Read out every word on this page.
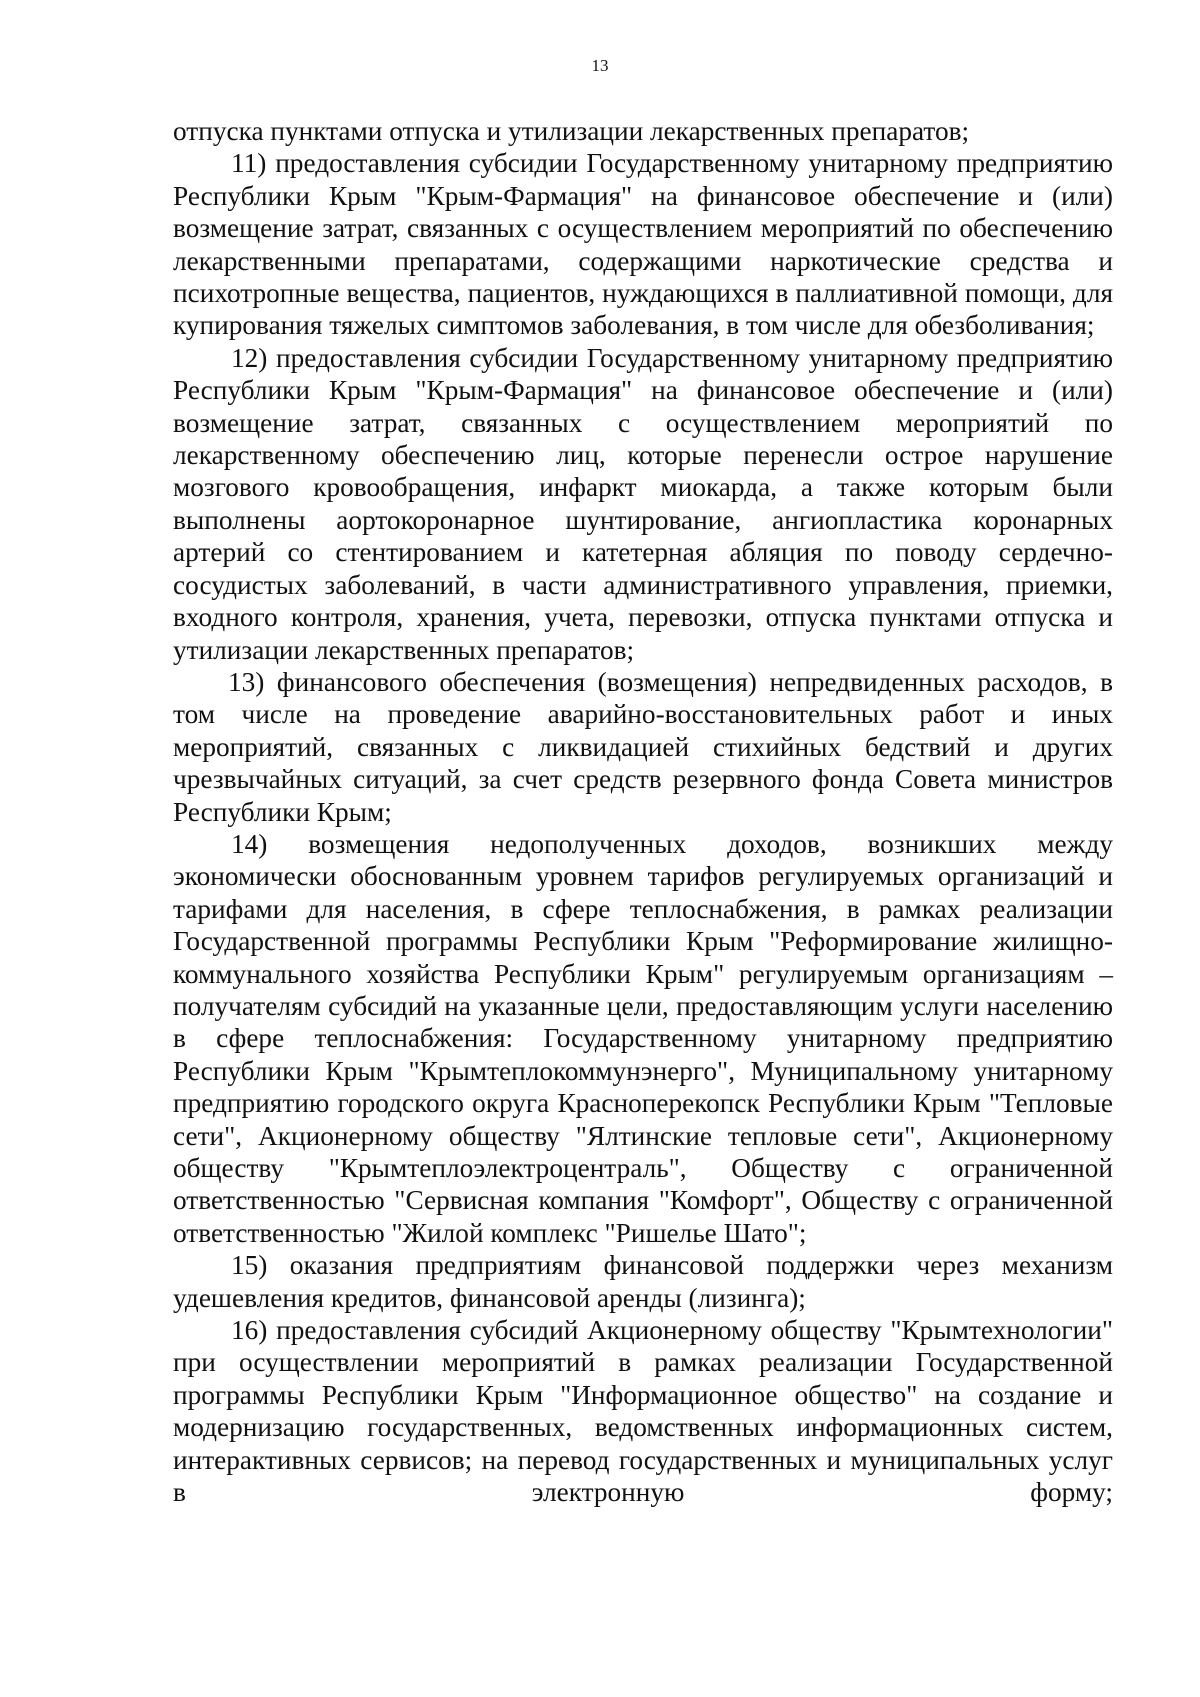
13

отпуска пунктами отпуска и утилизации лекарственных препаратов;

11) предоставления субсидии Государственному унитарному предприятию Республики Крым "Крым-Фармация" на финансовое обеспечение и (или) возмещение затрат, связанных с осуществлением мероприятий по обеспечению лекарственными препаратами, содержащими наркотические средства и психотропные вещества, пациентов, нуждающихся в паллиативной помощи, для купирования тяжелых симптомов заболевания, в том числе для обезболивания;

12) предоставления субсидии Государственному унитарному предприятию Республики Крым "Крым-Фармация" на финансовое обеспечение и (или) возмещение затрат, связанных с осуществлением мероприятий по лекарственному обеспечению лиц, которые перенесли острое нарушение мозгового кровообращения, инфаркт миокарда, а также которым были выполнены аортокоронарное шунтирование, ангиопластика коронарных артерий со стентированием и катетерная абляция по поводу сердечно-сосудистых заболеваний, в части административного управления, приемки, входного контроля, хранения, учета, перевозки, отпуска пунктами отпуска и утилизации лекарственных препаратов;

13) финансового обеспечения (возмещения) непредвиденных расходов, в том числе на проведение аварийно-восстановительных работ и иных мероприятий, связанных с ликвидацией стихийных бедствий и других чрезвычайных ситуаций, за счет средств резервного фонда Совета министров Республики Крым;

14) возмещения недополученных доходов, возникших между экономически обоснованным уровнем тарифов регулируемых организаций и тарифами для населения, в сфере теплоснабжения, в рамках реализации Государственной программы Республики Крым "Реформирование жилищно-коммунального хозяйства Республики Крым" регулируемым организациям – получателям субсидий на указанные цели, предоставляющим услуги населению в сфере теплоснабжения: Государственному унитарному предприятию Республики Крым "Крымтеплокоммунэнерго", Муниципальному унитарному предприятию городского округа Красноперекопск Республики Крым "Тепловые сети", Акционерному обществу "Ялтинские тепловые сети", Акционерному обществу "Крымтеплоэлектроцентраль", Обществу с ограниченной ответственностью "Сервисная компания "Комфорт", Обществу с ограниченной ответственностью "Жилой комплекс "Ришелье Шато";

15) оказания предприятиям финансовой поддержки через механизм удешевления кредитов, финансовой аренды (лизинга);

16) предоставления субсидий Акционерному обществу "Крымтехнологии" при осуществлении мероприятий в рамках реализации Государственной программы Республики Крым "Информационное общество" на создание и модернизацию государственных, ведомственных информационных систем, интерактивных сервисов; на перевод государственных и муниципальных услуг в электронную форму;
